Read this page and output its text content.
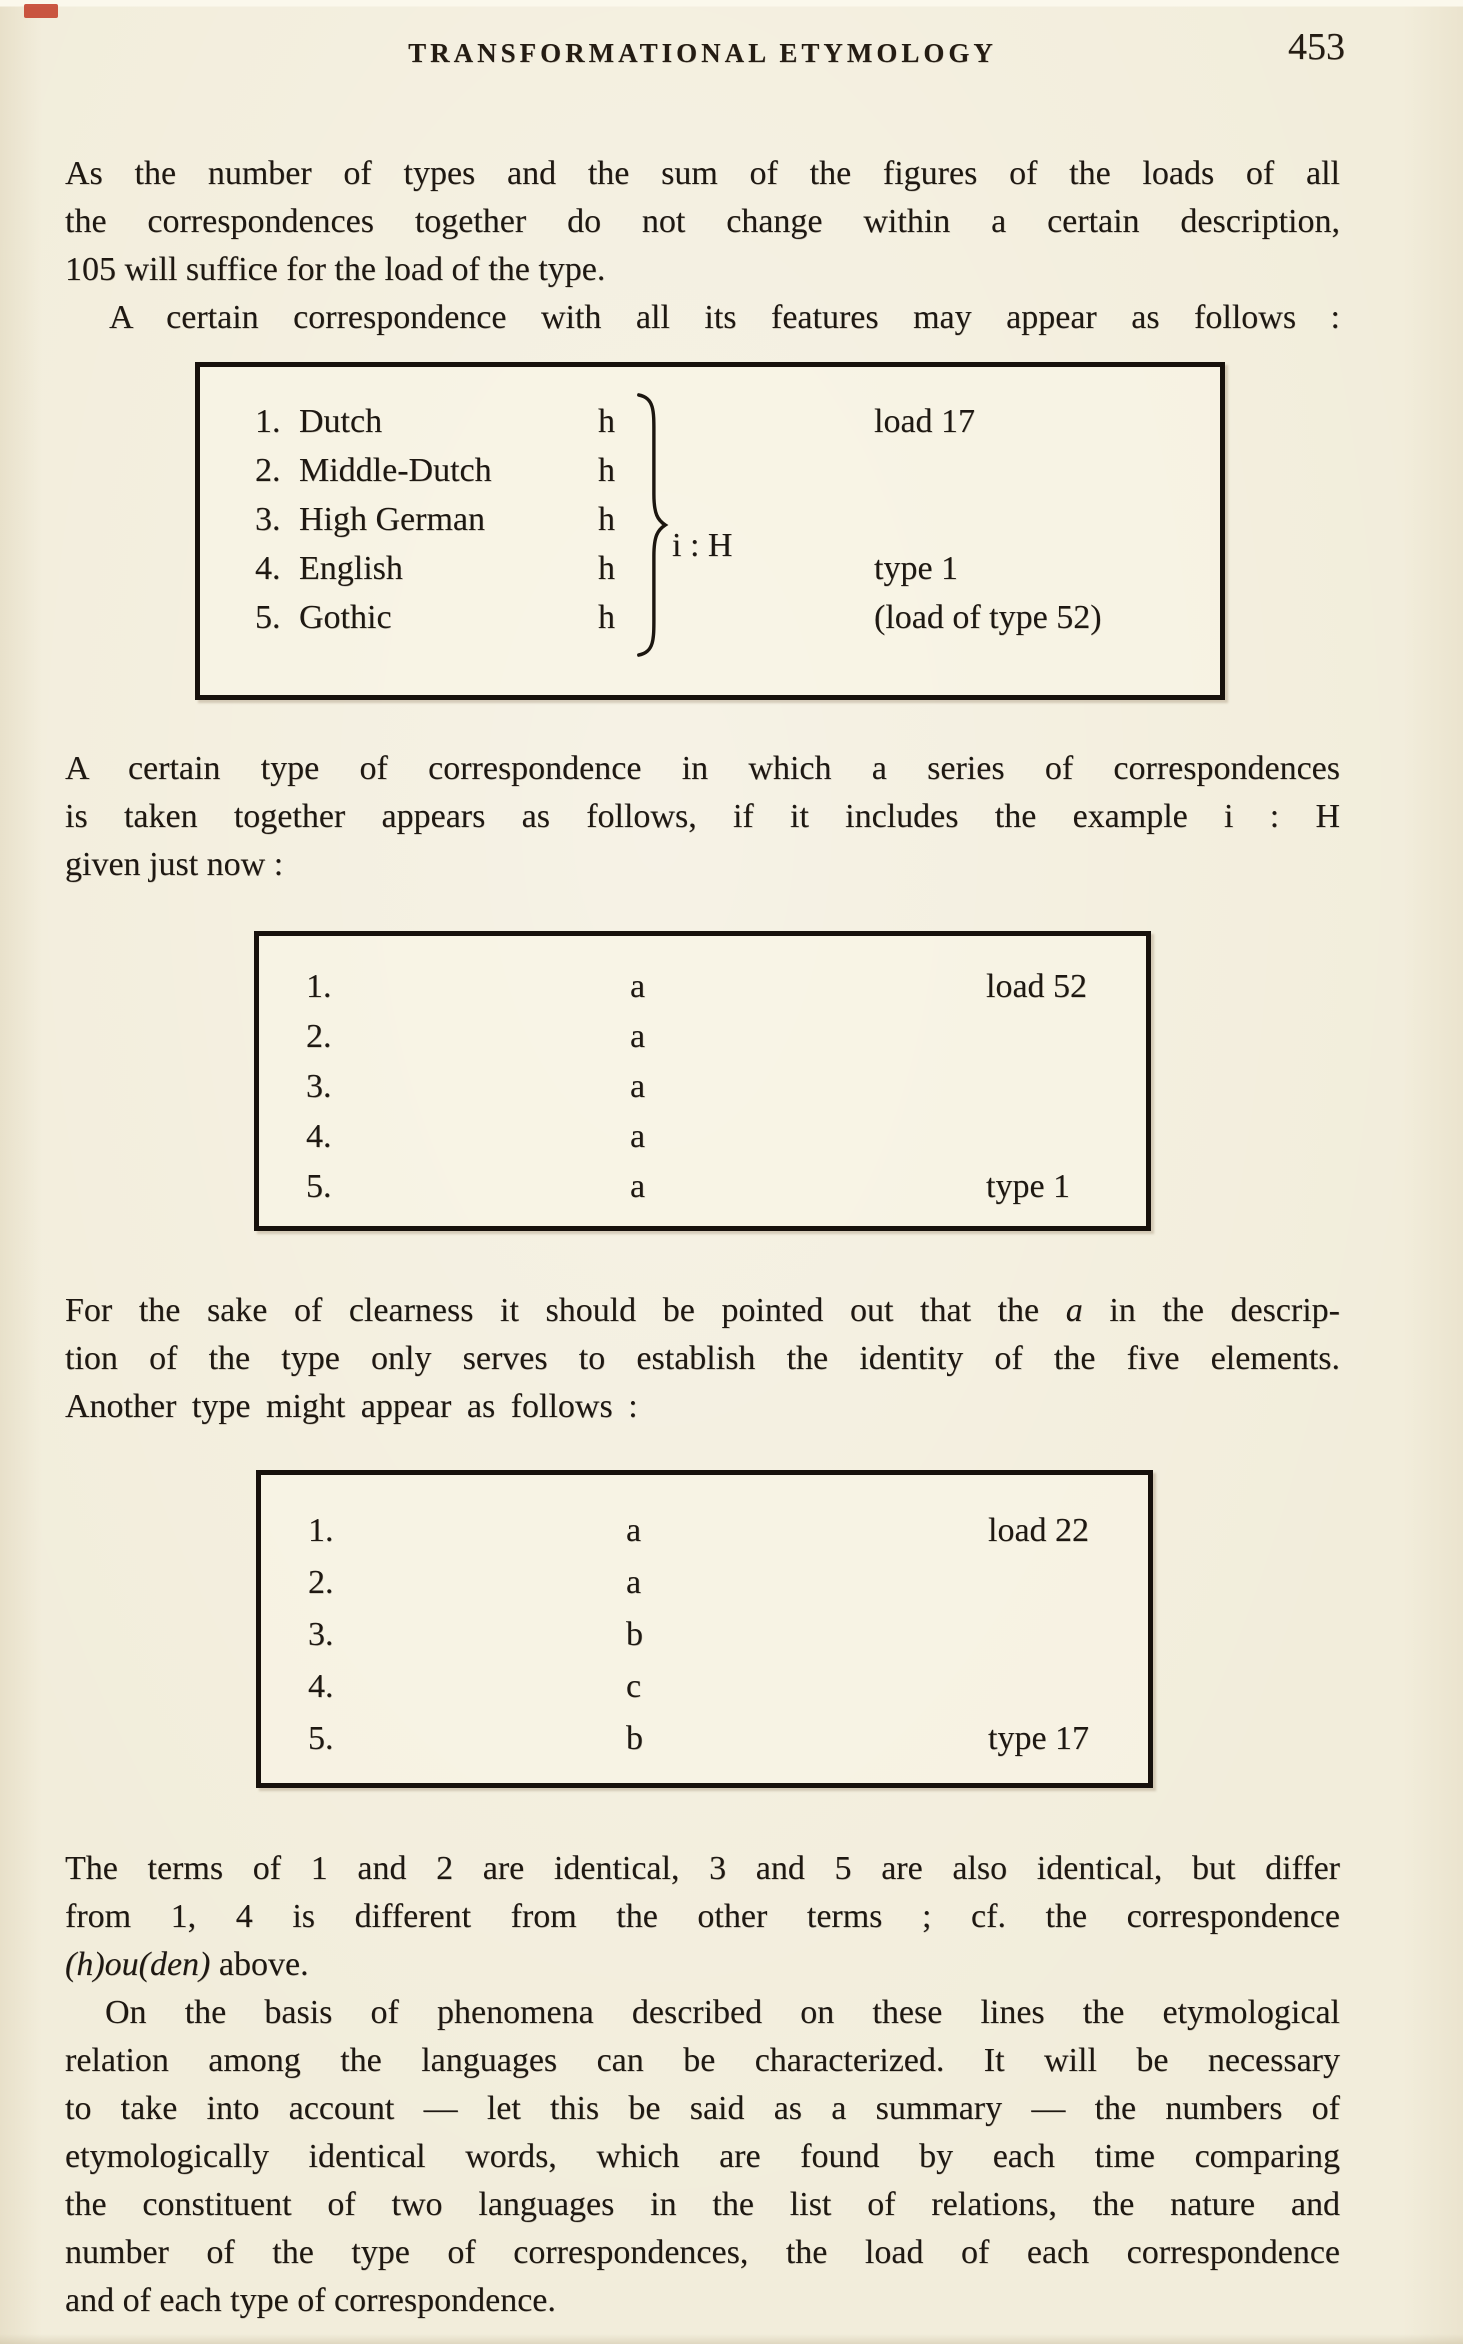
TRANSFORMATIONAL ETYMOLOGY	453
As the number of types and the sum of the figures of the loads of all
the correspondences together do not change within a certain description,
105 will suffice for the load of the type.
A certain correspondence with all its features may appear as follows :
1. Dutch	h	load 17
2. Middle-Dutch	h
3. High German	h
4. English	h	type 1
5. Gothic	h	(load of type 52)
i : H
A certain type of correspondence in which a series of correspondences
is taken together appears as follows, if it includes the example i : H
given just now :
1.	a	load 52
2.	a
3.	a
4.	a
5.	a	type 1
For the sake of clearness it should be pointed out that the a in the descrip-
tion of the type only serves to establish the identity of the five elements.
Another type might appear as follows :
1.	a	load 22
2.	a
3.	b
4.	c
5.	b	type 17
The terms of 1 and 2 are identical, 3 and 5 are also identical, but differ
from 1, 4 is different from the other terms ; cf. the correspondence
(h)ou(den) above.
On the basis of phenomena described on these lines the etymological
relation among the languages can be characterized. It will be necessary
to take into account — let this be said as a summary — the numbers of
etymologically identical words, which are found by each time comparing
the constituent of two languages in the list of relations, the nature and
number of the type of correspondences, the load of each correspondence
and of each type of correspondence.
